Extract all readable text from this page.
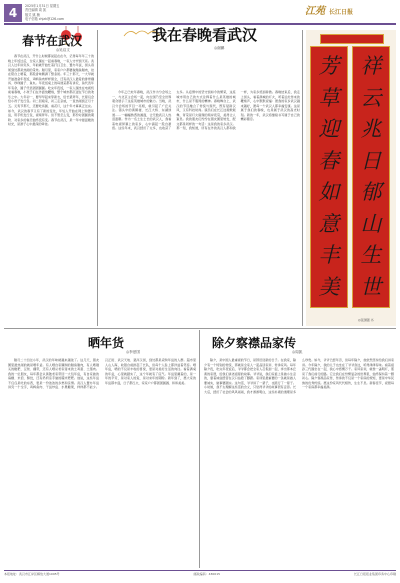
4	2025年1月31日 星期五
责任编辑 周 凯
版式 姚 楠
电子信箱 chjzk@126.com
江苑 长江日报
春节在武汉
◎吴启文
春节在武汉，开什么时候都说起在在今，记得每年年三十的晚上年饭过后，全家人围在一起看春晚，一家人守岁到天亮。武汉人过年讲究多，年前就开始忙着打扫卫生、置办年货，街头巷尾到处都是热闹的景象。腊月里，家家户户都要做腊鱼腊肉，挂在阳台上晒着，那股香味飘满了整条街。年三十那天，一大早就开始准备年夜饭，鸡鸭鱼肉样样俱全，还有武汉人最爱的排骨藕汤、珍珠圆子、鱼丸。年夜饭桌上的每道菜都有讲究，鱼代表年年有余，圆子代表团团圆圆。吃完年夜饭，一家人围坐在电视机前看春晚，小孩子们在外面放鞭炮，整个城市都沉浸在节日的欢乐之中。大年初一，要早早起来穿新衣，给长辈拜年，长辈们会给小孩子发红包。初二回娘家，初三走亲戚，一直热闹到正月十五。元宵节那天，还要吃汤圆、看花灯，这个年才算真正过完。如今，武汉的春节又有了新的变化，年轻人开始在网上购置年货，用手机发红包，视频拜年。但不管怎么变，那份对团圆的期盼、对家乡的眷恋始终没有变。春节在武汉，是一年中最温暖的时光，是游子心中最深的牵挂。
我在春晚看武汉
◎谢鹏
今年乙巳蛇年春晚，武汉作为分会场之一，与北京主会场一起，向全国乃至全世界观众展示了这座英雄城市的魅力。当晚，武汉分会场的节目一亮相，就引起了广泛关注。镜头中的黄鹤楼、长江大桥、东湖绿道……一幅幅熟悉的画面，让无数武汉人热泪盈眶。作为一名土生土长的武汉人，我看着电视屏幕上的家乡，心中涌起一股自豪感。这些年来，武汉经历了太多，也收获了太多。从疫情中的坚守到如今的繁荣，这座城市用自己的方式诠释着什么是英雄的城市，什么是不服周的精神。春晚舞台上，武汉的节目融合了传统与现代，既有楚韵汉风，又有科技时尚。演员们在长江边载歌载舞，背景是灯火璀璨的两岸夜景，美得让人窒息。我的朋友们纷纷在朋友圈里转发，配文都是同样的一句话：这是我的家乡武汉。那一刻，我知道，所有在外的武汉人都和我一样，为家乡感到骄傲。春晚结束后，我走上街头，看着满城的灯火，听着远处传来的鞭炮声，心中默默祝福：愿我的家乡武汉越来越好，愿每一个武汉人都幸福安康。这是属于我们的春晚，也是属于武汉的高光时刻。新的一年，武汉将继续书写属于自己的精彩篇章。
祥
云
兆
日
郁
山
生
世
芳
草
迎
春
如
意
丰
美
◎张国强 书
晒年货
◎李爱国
腊月二十四过小年，武汉的年味就越来越浓了。这几天，朋友圈里最热闹的就是晒年货。有人晒自家腌制的腊鱼腊肉，有人晒刚买的糍粑、豆丝、藕带，还有人晒从老家寄来的土鸡蛋、土猪肉。我的一位朋友，每年都会从黄陂老家带回一大包年货，有自家做的麻糖、米泡、酥饺，还有奶奶亲手做的糯米粑粑。他说，这些年货不仅仅是吃的东西，更是一份浓浓的乡愁和亲情。武汉人置办年货讲究一个全字，鸡鸭鱼肉、干货炒货、水果糖果，样样都不能少。汉正街、武汉天地、楚河汉街，到处都是采购年货的人群。超市里人山人海，收银台前排起了长队，但每个人脸上都洋溢着笑容。晒年货，晒的不仅是丰收的喜悦，更是对美好生活的向往。看着满桌的年货，心里就踏实了，这个年就有了底气。年货里藏着的，是一年的辛劳，是对家人的爱，是对来年的期盼。新年到了，愿大家的年货都丰盛，日子都红火，家家户户都团团圆圆、和和美美。
除夕察襟品家传
◎周凯
除夕，是中国人最重视的节日，是辞旧迎新的日子。在我家，除夕有一个特别的传统，那就是全家人一起品读家训、传承家风。每年除夕夜，吃完年夜饭后，爷爷都会把全家人召集到一起，拿出那本泛黄的家谱，给我们讲述祖辈的故事。爷爷说，我们家祖上是做小生意的，靠着诚信经营在汉口站稳了脚跟。家训里最重要的一条就是做人要诚实，做事要踏实。这句话，爷爷讲了一辈子，也践行了一辈子。小时候，我不太理解这些话的含义，只觉得爷爷的故事很有意思。长大后，经历了社会的风风雨雨，我才渐渐明白，这些朴素的道理是多么珍贵。如今，爷爷已经年迈，但每年除夕，他依然坚持给我们讲家训。今年除夕，我的儿子也坐在了爷爷身边，听得津津有味。看着祖孙三代围坐在一起，我心中感慨万千。家风家训，就像一盏明灯，照亮了我们前行的路。它让我们在纷繁复杂的世界里，始终保持着一颗初心。除夕察襟品家传，传承的不仅是一个家庭的规矩，更是中华民族的优秀传统。愿这份家风代代相传，生生不息。新春佳节，祝愿每一个家庭都幸福美满。
本报地址：武汉市江岸区解放大道1095号	邮政编码：430015	长江日报报业集团印务中心印刷
